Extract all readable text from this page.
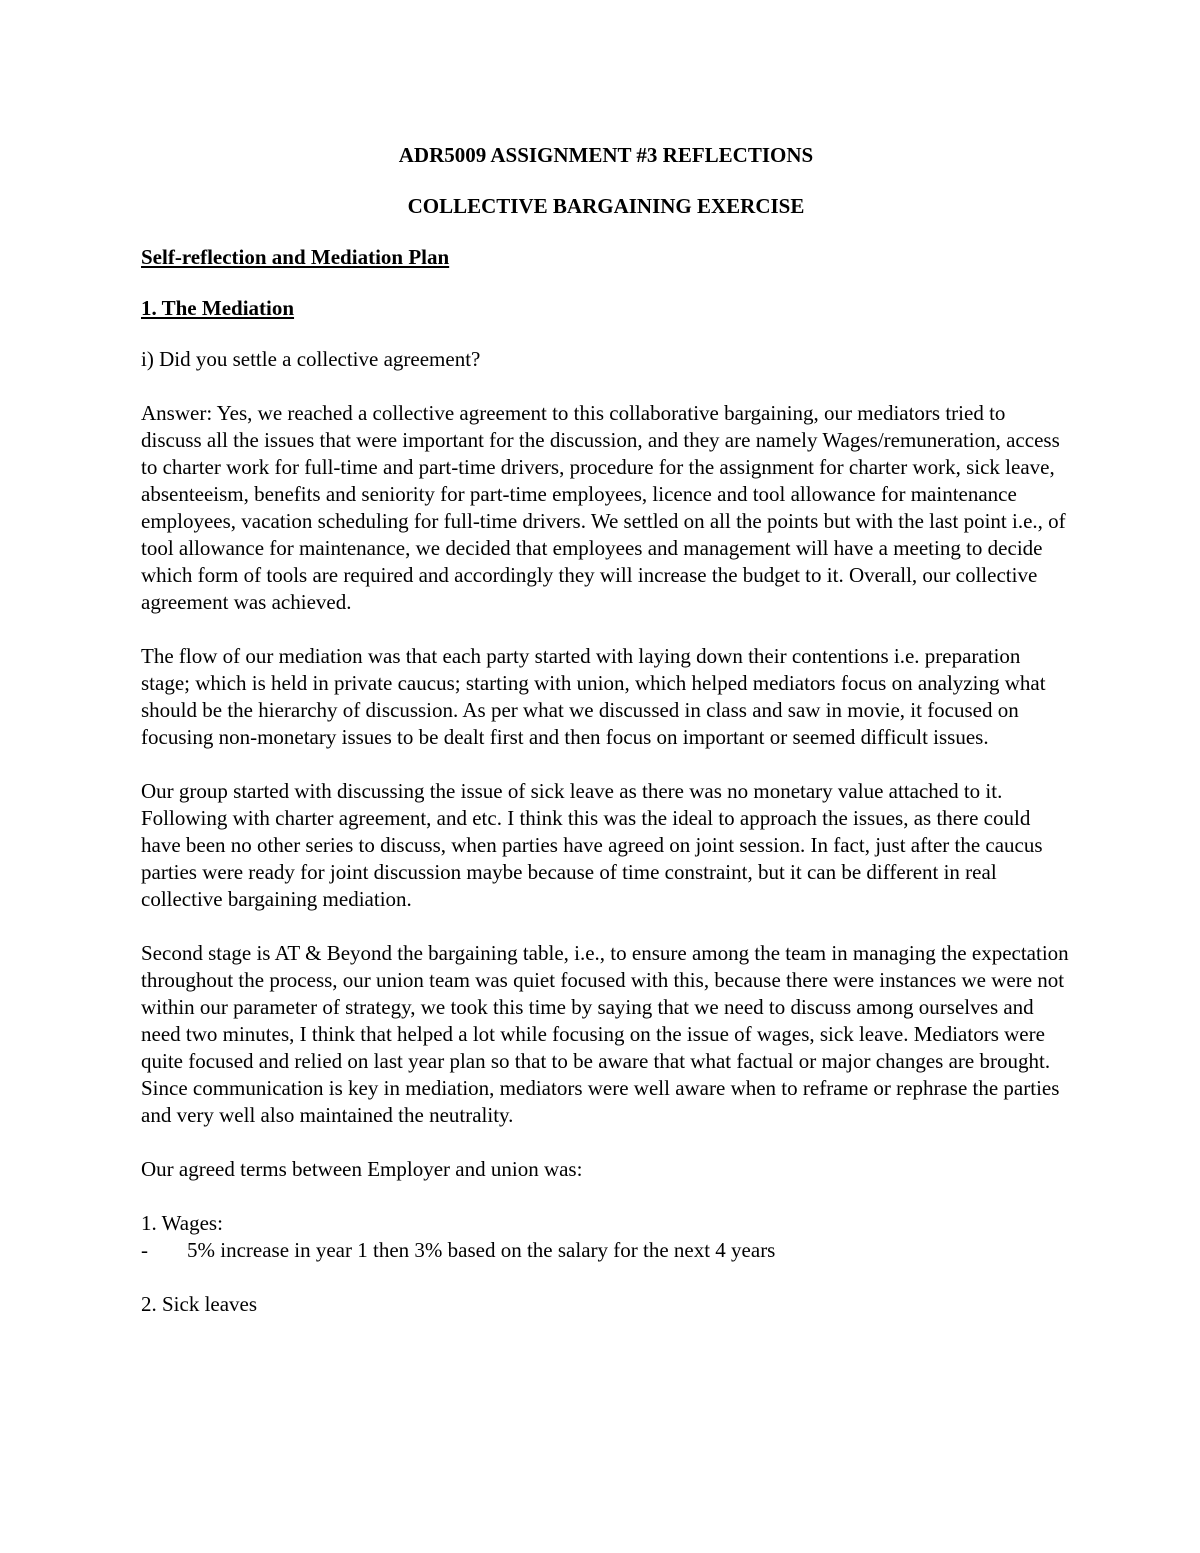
ADR5009 ASSIGNMENT #3 REFLECTIONS
COLLECTIVE BARGAINING EXERCISE
Self-reflection and Mediation Plan
1. The Mediation

i) Did you settle a collective agreement?

Answer: Yes, we reached a collective agreement to this collaborative bargaining, our mediators tried to discuss all the issues that were important for the discussion, and they are namely Wages/remuneration, access to charter work for full-time and part-time drivers, procedure for the assignment for charter work, sick leave, absenteeism, benefits and seniority for part-time employees, licence and tool allowance for maintenance employees, vacation scheduling for full-time drivers. We settled on all the points but with the last point i.e., of tool allowance for maintenance, we decided that employees and management will have a meeting to decide which form of tools are required and accordingly they will increase the budget to it. Overall, our collective agreement was achieved.

The flow of our mediation was that each party started with laying down their contentions i.e. preparation stage; which is held in private caucus; starting with union, which helped mediators focus on analyzing what should be the hierarchy of discussion. As per what we discussed in class and saw in movie, it focused on focusing non-monetary issues to be dealt first and then focus on important or seemed difficult issues.

Our group started with discussing the issue of sick leave as there was no monetary value attached to it. Following with charter agreement, and etc. I think this was the ideal to approach the issues, as there could have been no other series to discuss, when parties have agreed on joint session. In fact, just after the caucus parties were ready for joint discussion maybe because of time constraint, but it can be different in real collective bargaining mediation.

Second stage is AT & Beyond the bargaining table, i.e., to ensure among the team in managing the expectation throughout the process, our union team was quiet focused with this, because there were instances we were not within our parameter of strategy, we took this time by saying that we need to discuss among ourselves and need two minutes, I think that helped a lot while focusing on the issue of wages, sick leave. Mediators were quite focused and relied on last year plan so that to be aware that what factual or major changes are brought. Since communication is key in mediation, mediators were well aware when to reframe or rephrase the parties and very well also maintained the neutrality.

Our agreed terms between Employer and union was:

1. Wages:
-	5% increase in year 1 then 3% based on the salary for the next 4 years
2. Sick leaves
